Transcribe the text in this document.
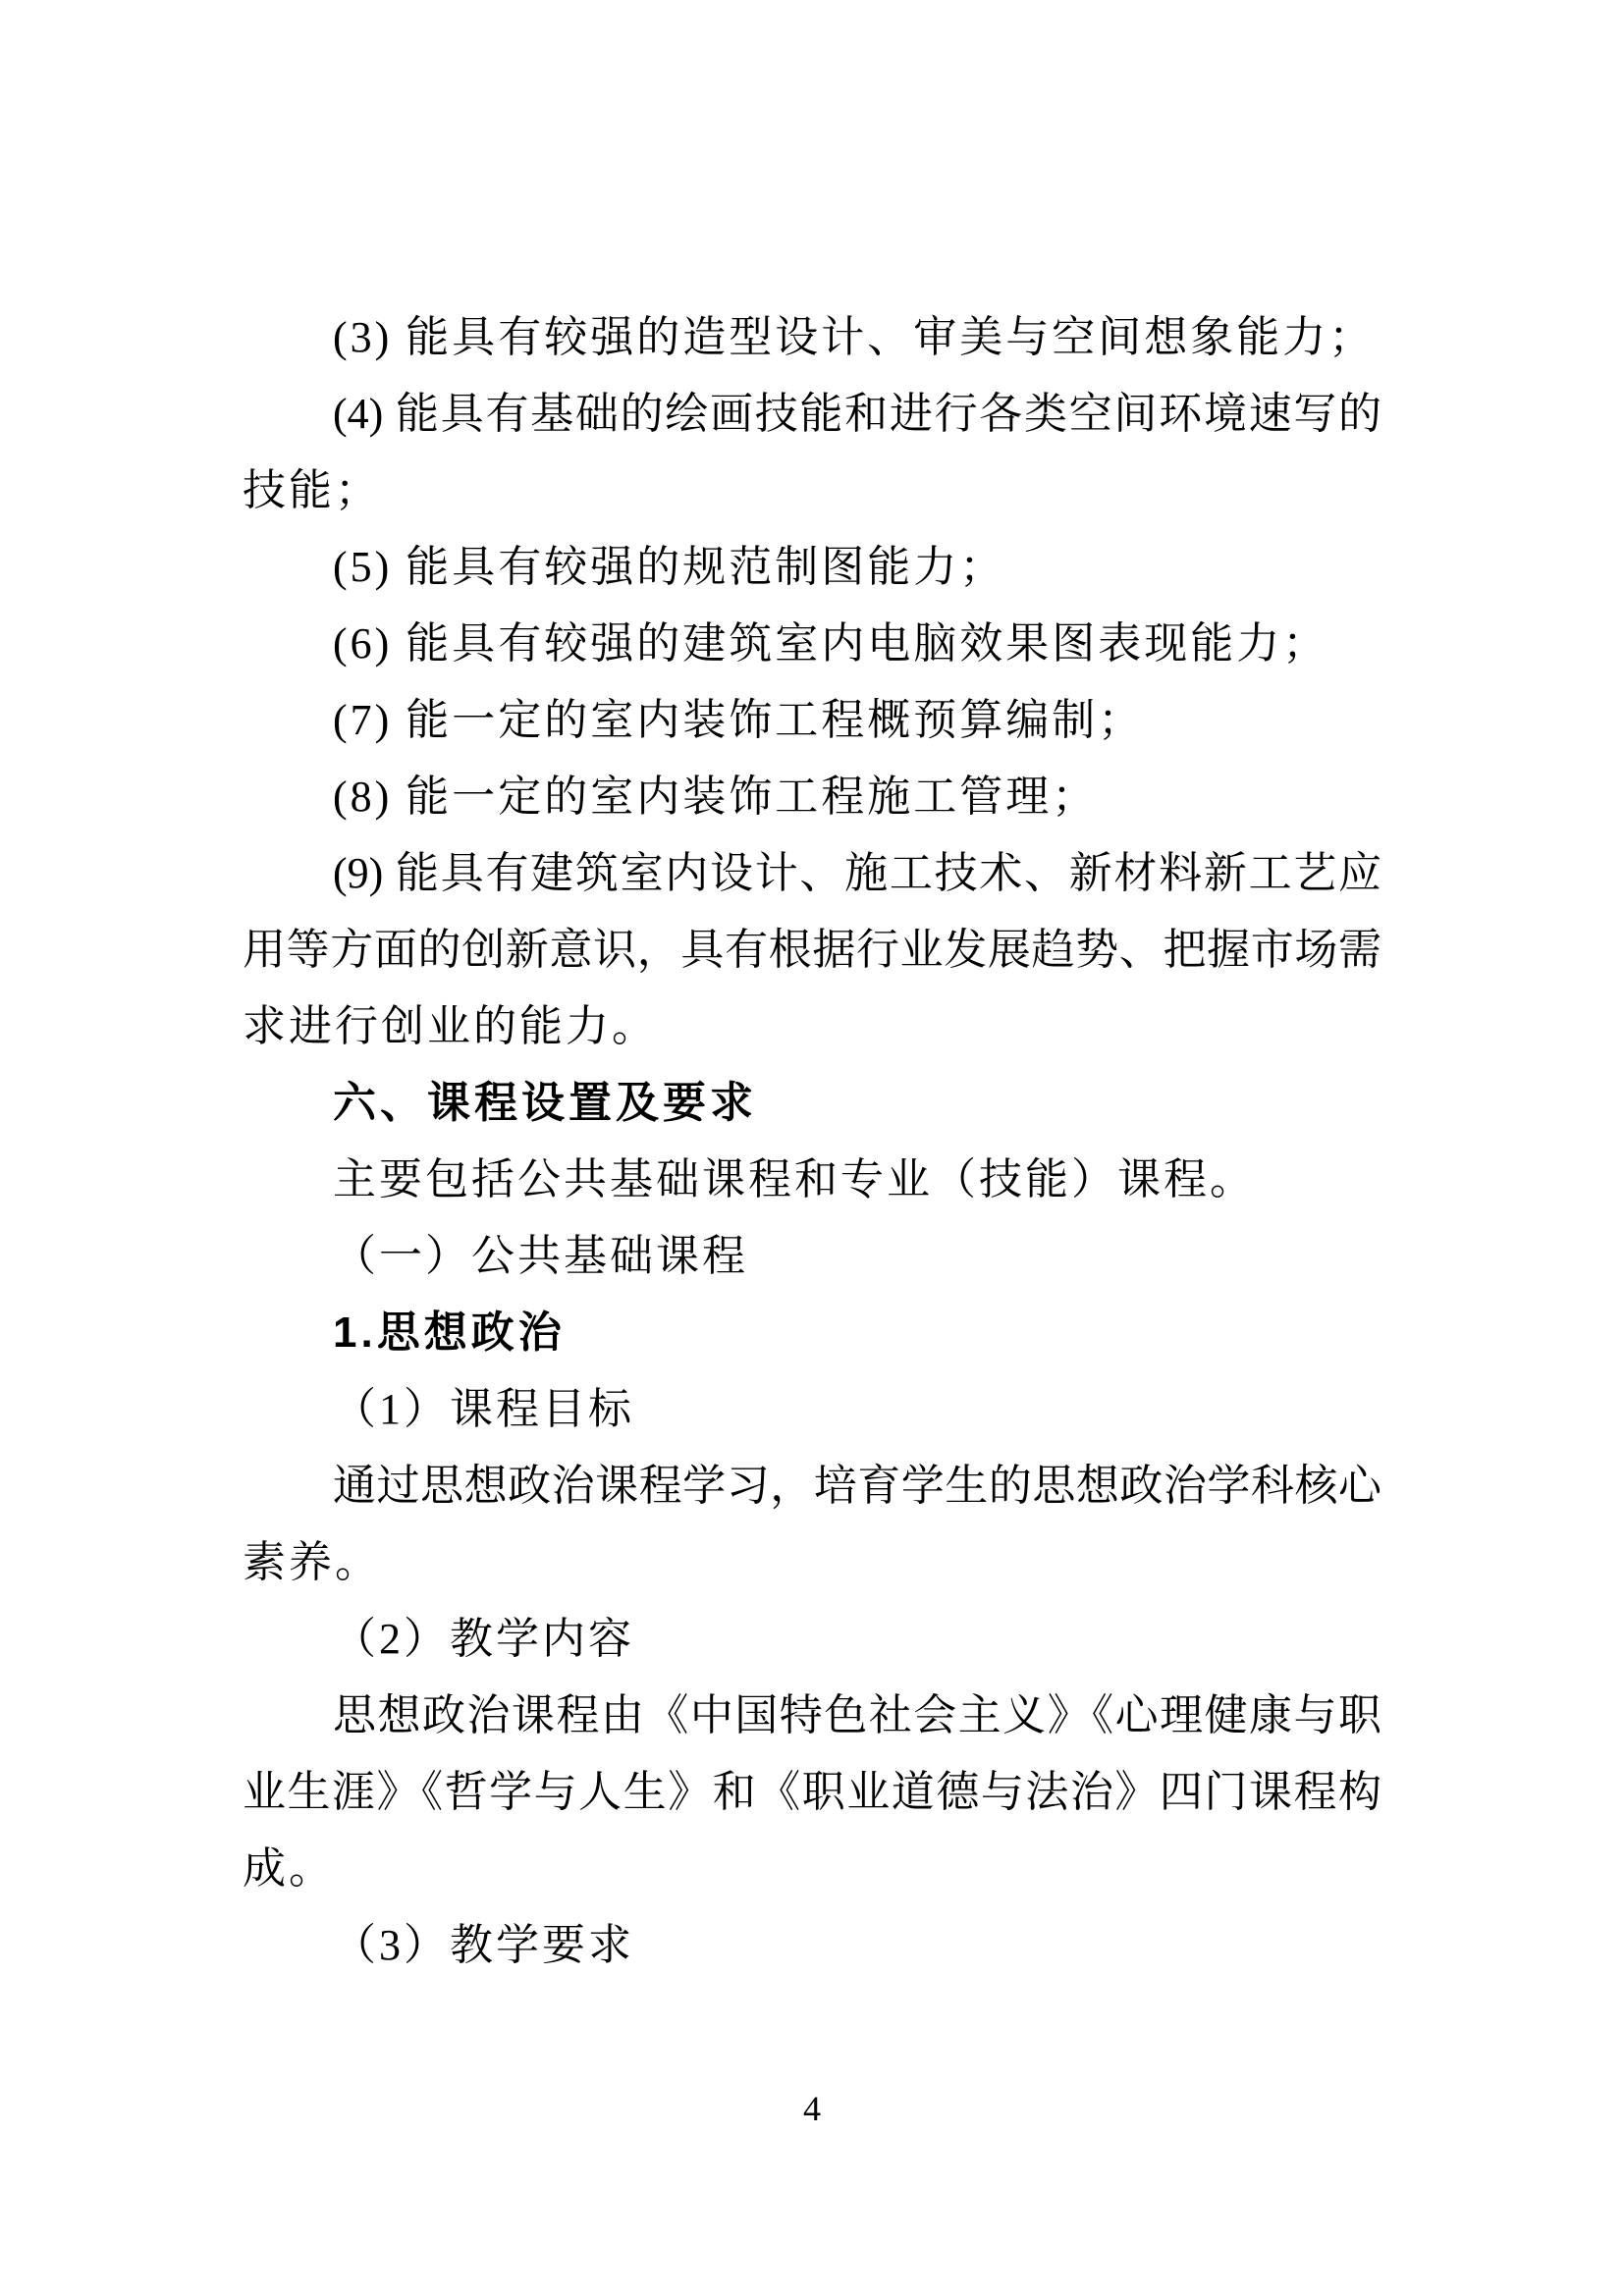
(3) 能具有较强的造型设计、审美与空间想象能力；
(4) 能具有基础的绘画技能和进行各类空间环境速写的
技能；
(5) 能具有较强的规范制图能力；
(6) 能具有较强的建筑室内电脑效果图表现能力；
(7) 能一定的室内装饰工程概预算编制；
(8) 能一定的室内装饰工程施工管理；
(9) 能具有建筑室内设计、施工技术、新材料新工艺应
用等方面的创新意识，具有根据行业发展趋势、把握市场需
求进行创业的能力。
六、课程设置及要求
主要包括公共基础课程和专业（技能）课程。
（一）公共基础课程
1.思想政治
（1）课程目标
通过思想政治课程学习，培育学生的思想政治学科核心
素养。
（2）教学内容
思想政治课程由《中国特色社会主义》《心理健康与职
业生涯》《哲学与人生》和《职业道德与法治》四门课程构
成。
（3）教学要求
4
